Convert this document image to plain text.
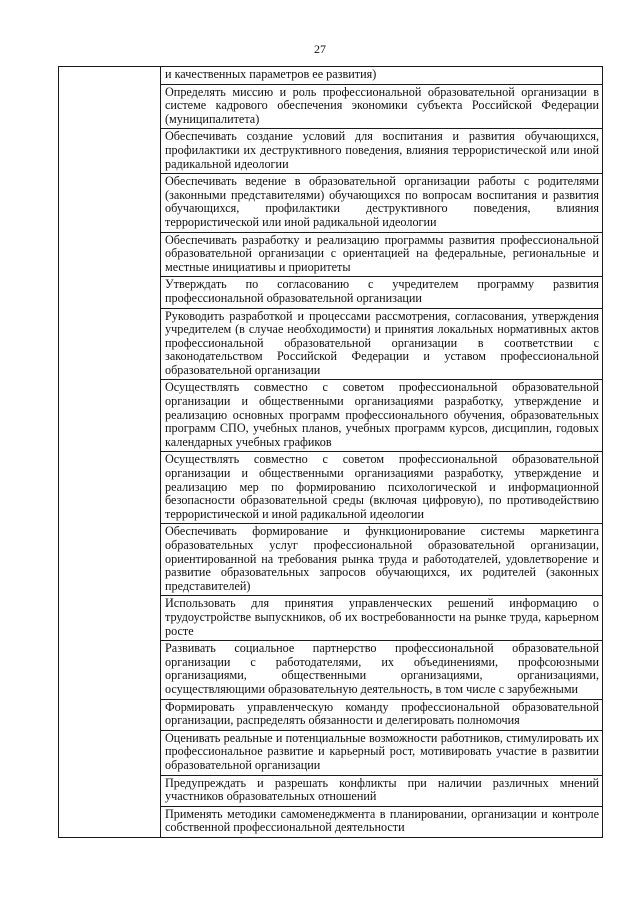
27

и качественных параметров ее развития)

Определять миссию и роль профессиональной образовательной организации в системе кадрового обеспечения экономики субъекта Российской Федерации (муниципалитета)

Обеспечивать создание условий для воспитания и развития обучающихся, профилактики их деструктивного поведения, влияния террористической или иной радикальной идеологии

Обеспечивать ведение в образовательной организации работы с родителями (законными представителями) обучающихся по вопросам воспитания и развития обучающихся, профилактики деструктивного поведения, влияния террористической или иной радикальной идеологии

Обеспечивать разработку и реализацию программы развития профессиональной образовательной организации с ориентацией на федеральные, региональные и местные инициативы и приоритеты

Утверждать по согласованию с учредителем программу развития профессиональной образовательной организации

Руководить разработкой и процессами рассмотрения, согласования, утверждения учредителем (в случае необходимости) и принятия локальных нормативных актов профессиональной образовательной организации в соответствии с законодательством Российской Федерации и уставом профессиональной образовательной организации

Осуществлять совместно с советом профессиональной образовательной организации и общественными организациями разработку, утверждение и реализацию основных программ профессионального обучения, образовательных программ СПО, учебных планов, учебных программ курсов, дисциплин, годовых календарных учебных графиков

Осуществлять совместно с советом профессиональной образовательной организации и общественными организациями разработку, утверждение и реализацию мер по формированию психологической и информационной безопасности образовательной среды (включая цифровую), по противодействию террористической и иной радикальной идеологии

Обеспечивать формирование и функционирование системы маркетинга образовательных услуг профессиональной образовательной организации, ориентированной на требования рынка труда и работодателей, удовлетворение и развитие образовательных запросов обучающихся, их родителей (законных представителей)

Использовать для принятия управленческих решений информацию о трудоустройстве выпускников, об их востребованности на рынке труда, карьерном росте

Развивать социальное партнерство профессиональной образовательной организации с работодателями, их объединениями, профсоюзными организациями, общественными организациями, организациями, осуществляющими образовательную деятельность, в том числе с зарубежными

Формировать управленческую команду профессиональной образовательной организации, распределять обязанности и делегировать полномочия

Оценивать реальные и потенциальные возможности работников, стимулировать их профессиональное развитие и карьерный рост, мотивировать участие в развитии образовательной организации

Предупреждать и разрешать конфликты при наличии различных мнений участников образовательных отношений

Применять методики самоменеджмента в планировании, организации и контроле собственной профессиональной деятельности
